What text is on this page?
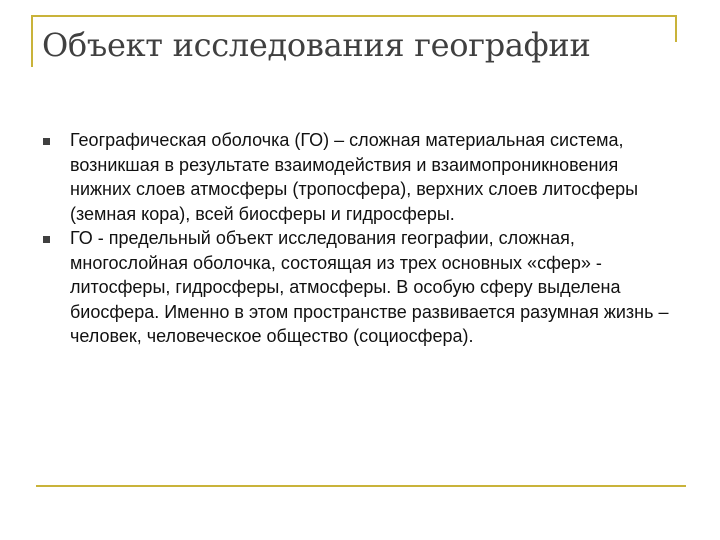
Объект исследования географии

Географическая оболочка (ГО) – сложная материальная система, возникшая в результате взаимодействия и взаимопроникновения нижних слоев атмосферы (тропосфера), верхних слоев литосферы (земная кора), всей биосферы и гидросферы.

ГО - предельный объект исследования географии, сложная, многослойная оболочка, состоящая из трех основных «сфер» - литосферы, гидросферы, атмосферы. В особую сферу выделена биосфера. Именно в этом пространстве развивается разумная жизнь – человек, человеческое общество (социосфера).
